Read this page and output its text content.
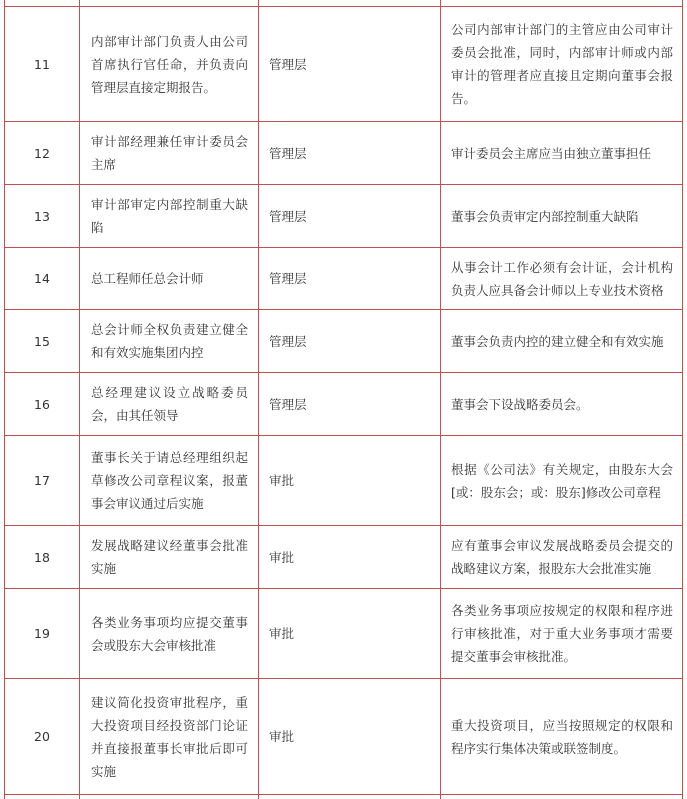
11	内部审计部门负责人由公司首席执行官任命，并负责向管理层直接定期报告。	管理层	公司内部审计部门的主管应由公司审计委员会批准，同时，内部审计师或内部审计的管理者应直接且定期向董事会报告。
12	审计部经理兼任审计委员会主席	管理层	审计委员会主席应当由独立董事担任
13	审计部审定内部控制重大缺陷	管理层	董事会负责审定内部控制重大缺陷
14	总工程师任总会计师	管理层	从事会计工作必须有会计证，会计机构负责人应具备会计师以上专业技术资格
15	总会计师全权负责建立健全和有效实施集团内控	管理层	董事会负责内控的建立健全和有效实施
16	总经理建议设立战略委员会，由其任领导	管理层	董事会下设战略委员会。
17	董事长关于请总经理组织起草修改公司章程议案，报董事会审议通过后实施	审批	根据《公司法》有关规定，由股东大会[或：股东会；或：股东]修改公司章程
18	发展战略建议经董事会批准实施	审批	应有董事会审议发展战略委员会提交的战略建议方案，报股东大会批准实施
19	各类业务事项均应提交董事会或股东大会审核批准	审批	各类业务事项应按规定的权限和程序进行审核批准，对于重大业务事项才需要提交董事会审核批准。
20	建议简化投资审批程序，重大投资项目经投资部门论证并直接报董事长审批后即可实施	审批	重大投资项目，应当按照规定的权限和程序实行集体决策或联签制度。
